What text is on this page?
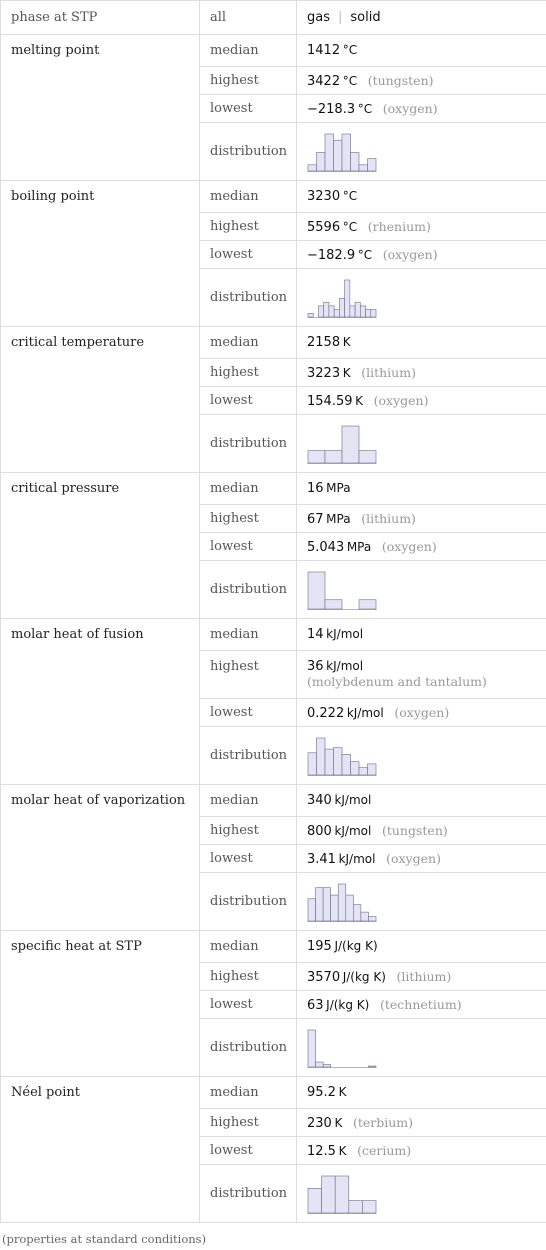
phase at STP	all	gas | solid
melting point	median	1412  °C
	highest	3422  °C  (tungsten)
	lowest	−218.3  °C  (oxygen)
	distribution	

boiling point	median	3230  °C
	highest	5596  °C  (rhenium)
	lowest	−182.9  °C  (oxygen)
	distribution	

critical temperature	median	2158  K
	highest	3223  K  (lithium)
	lowest	154.59  K  (oxygen)
	distribution	

critical pressure	median	16  MPa
	highest	67  MPa  (lithium)
	lowest	5.043  MPa  (oxygen)
	distribution	

molar heat of fusion	median	14  kJ/mol
	highest	36  kJ/mol
(molybdenum and tantalum)
	lowest	0.222  kJ/mol  (oxygen)
	distribution	

molar heat of vaporization	median	340  kJ/mol
	highest	800  kJ/mol  (tungsten)
	lowest	3.41  kJ/mol  (oxygen)
	distribution	

specific heat at STP	median	195  J/(kg K)
	highest	3570  J/(kg K)  (lithium)
	lowest	63  J/(kg K)  (technetium)
	distribution	

Néel point	median	95.2  K
	highest	230  K  (terbium)
	lowest	12.5  K  (cerium)
	distribution	
(properties at standard conditions)
